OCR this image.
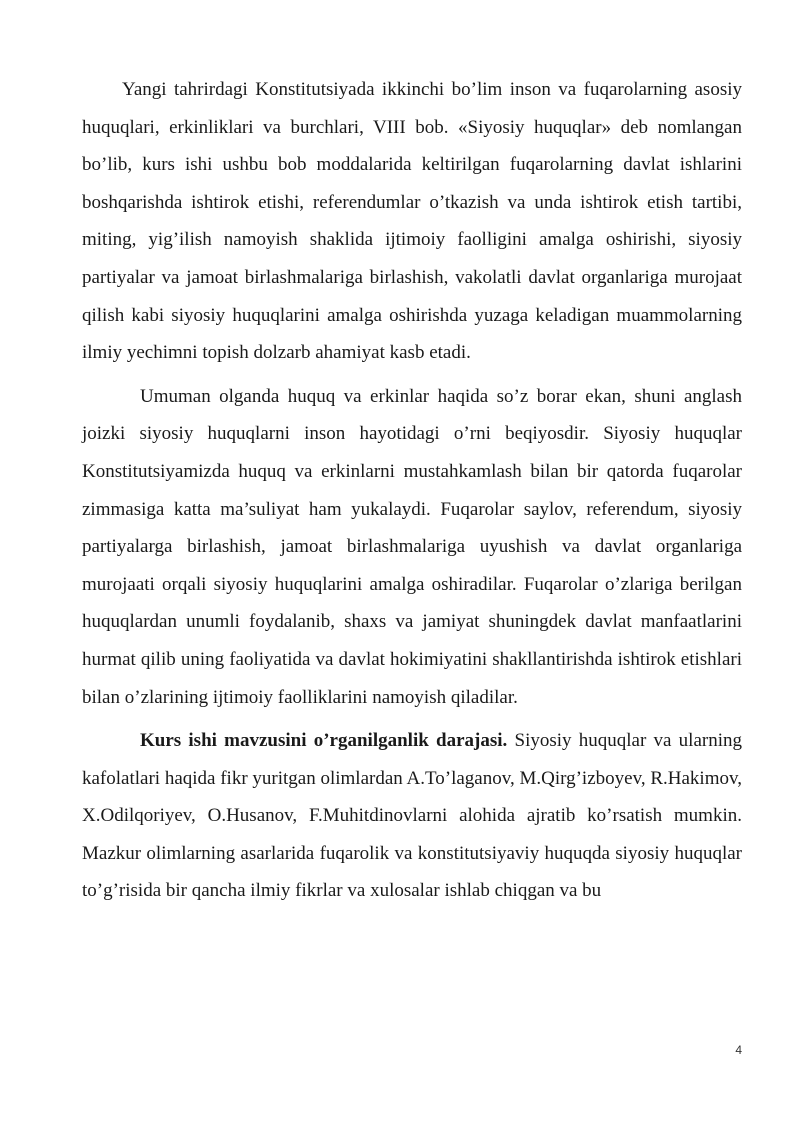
Yangi tahrirdagi Konstitutsiyada ikkinchi bo’lim inson va fuqarolarning asosiy huquqlari, erkinliklari va burchlari, VIII bob. «Siyosiy huquqlar» deb nomlangan bo’lib, kurs ishi ushbu bob moddalarida keltirilgan fuqarolarning davlat ishlarini boshqarishda ishtirok etishi, referendumlar o’tkazish va unda ishtirok etish tartibi, miting, yig’ilish namoyish shaklida ijtimoiy faolligini amalga oshirishi, siyosiy partiyalar va jamoat birlashmalariga birlashish, vakolatli davlat organlariga murojaat qilish kabi siyosiy huquqlarini amalga oshirishda yuzaga keladigan muammolarning ilmiy yechimni topish dolzarb ahamiyat kasb etadi.

Umuman olganda huquq va erkinlar haqida so’z borar ekan, shuni anglash joizki siyosiy huquqlarni inson hayotidagi o’rni beqiyosdir. Siyosiy huquqlar Konstitutsiyamizda huquq va erkinlarni mustahkamlash bilan bir qatorda fuqarolar zimmasiga katta ma’suliyat ham yukalaydi. Fuqarolar saylov, referendum, siyosiy partiyalarga birlashish, jamoat birlashmalariga uyushish va davlat organlariga murojaati orqali siyosiy huquqlarini amalga oshiradilar. Fuqarolar o’zlariga berilgan huquqlardan unumli foydalanib, shaxs va jamiyat shuningdek davlat manfaatlarini hurmat qilib uning faoliyatida va davlat hokimiyatini shakllantirishda ishtirok etishlari bilan o’zlarining ijtimoiy faolliklarini namoyish qiladilar.

Kurs ishi mavzusini o’rganilganlik darajasi. Siyosiy huquqlar va ularning kafolatlari haqida fikr yuritgan olimlardan A.To’laganov, M.Qirg’izboyev, R.Hakimov, X.Odilqoriyev, O.Husanov, F.Muhitdinovlarni alohida ajratib ko’rsatish mumkin. Mazkur olimlarning asarlarida fuqarolik va konstitutsiyaviy huquqda siyosiy huquqlar to’g’risida bir qancha ilmiy fikrlar va xulosalar ishlab chiqgan va bu

4
